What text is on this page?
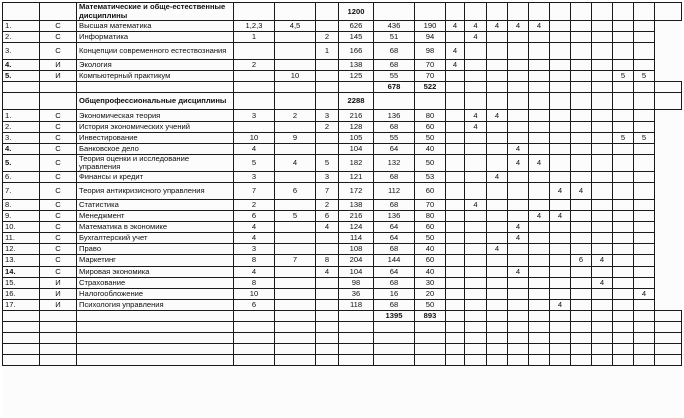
		Математические и обще-естественные дисциплины				1200													
1.	С	Высшая математика	1,2,3	4,5		626	436	190	4	4	4	4	4						
2.	С	Информатика	1		2	145	51	94		4									
3.	С	Концепции современного естествознания			1	166	68	98	4										
4.	И	Экология	2			138	68	70	4										
5.	И	Компьютерный практикум		10		125	55	70									5	5	
							678	522											
		Общепрофессиональные дисциплины				2288													
1.	С	Экономическая теория	3	2	3	216	136	80		4	4								
2.	С	История экономических учений			2	128	68	60		4									
3.	С	Инвестирование	10	9		105	55	50									5	5	
4.	С	Банковское дело	4			104	64	40				4							
5.	С	Теория оценки и исследование управления	5	4	5	182	132	50				4	4						
6.	С	Финансы и кредит	3		3	121	68	53			4								
7.	С	Теория антикризисного управления	7	6	7	172	112	60						4	4				
8.	С	Статистика	2		2	138	68	70		4									
9.	С	Менеджмент	6	5	6	216	136	80					4	4					
10.	С	Математика в экономике	4		4	124	64	60				4							
11.	С	Бухгалтерский учет	4			114	64	50				4							
12.	С	Право	3			108	68	40			4								
13.	С	Маркетинг	8	7	8	204	144	60							6	4			
14.	С	Мировая экономика	4		4	104	64	40				4							
15.	И	Страхование	8			98	68	30								4			
16.	И	Налогообложение	10			36	16	20										4	
17.	И	Психология управления	6			118	68	50						4					
							1395	893											
